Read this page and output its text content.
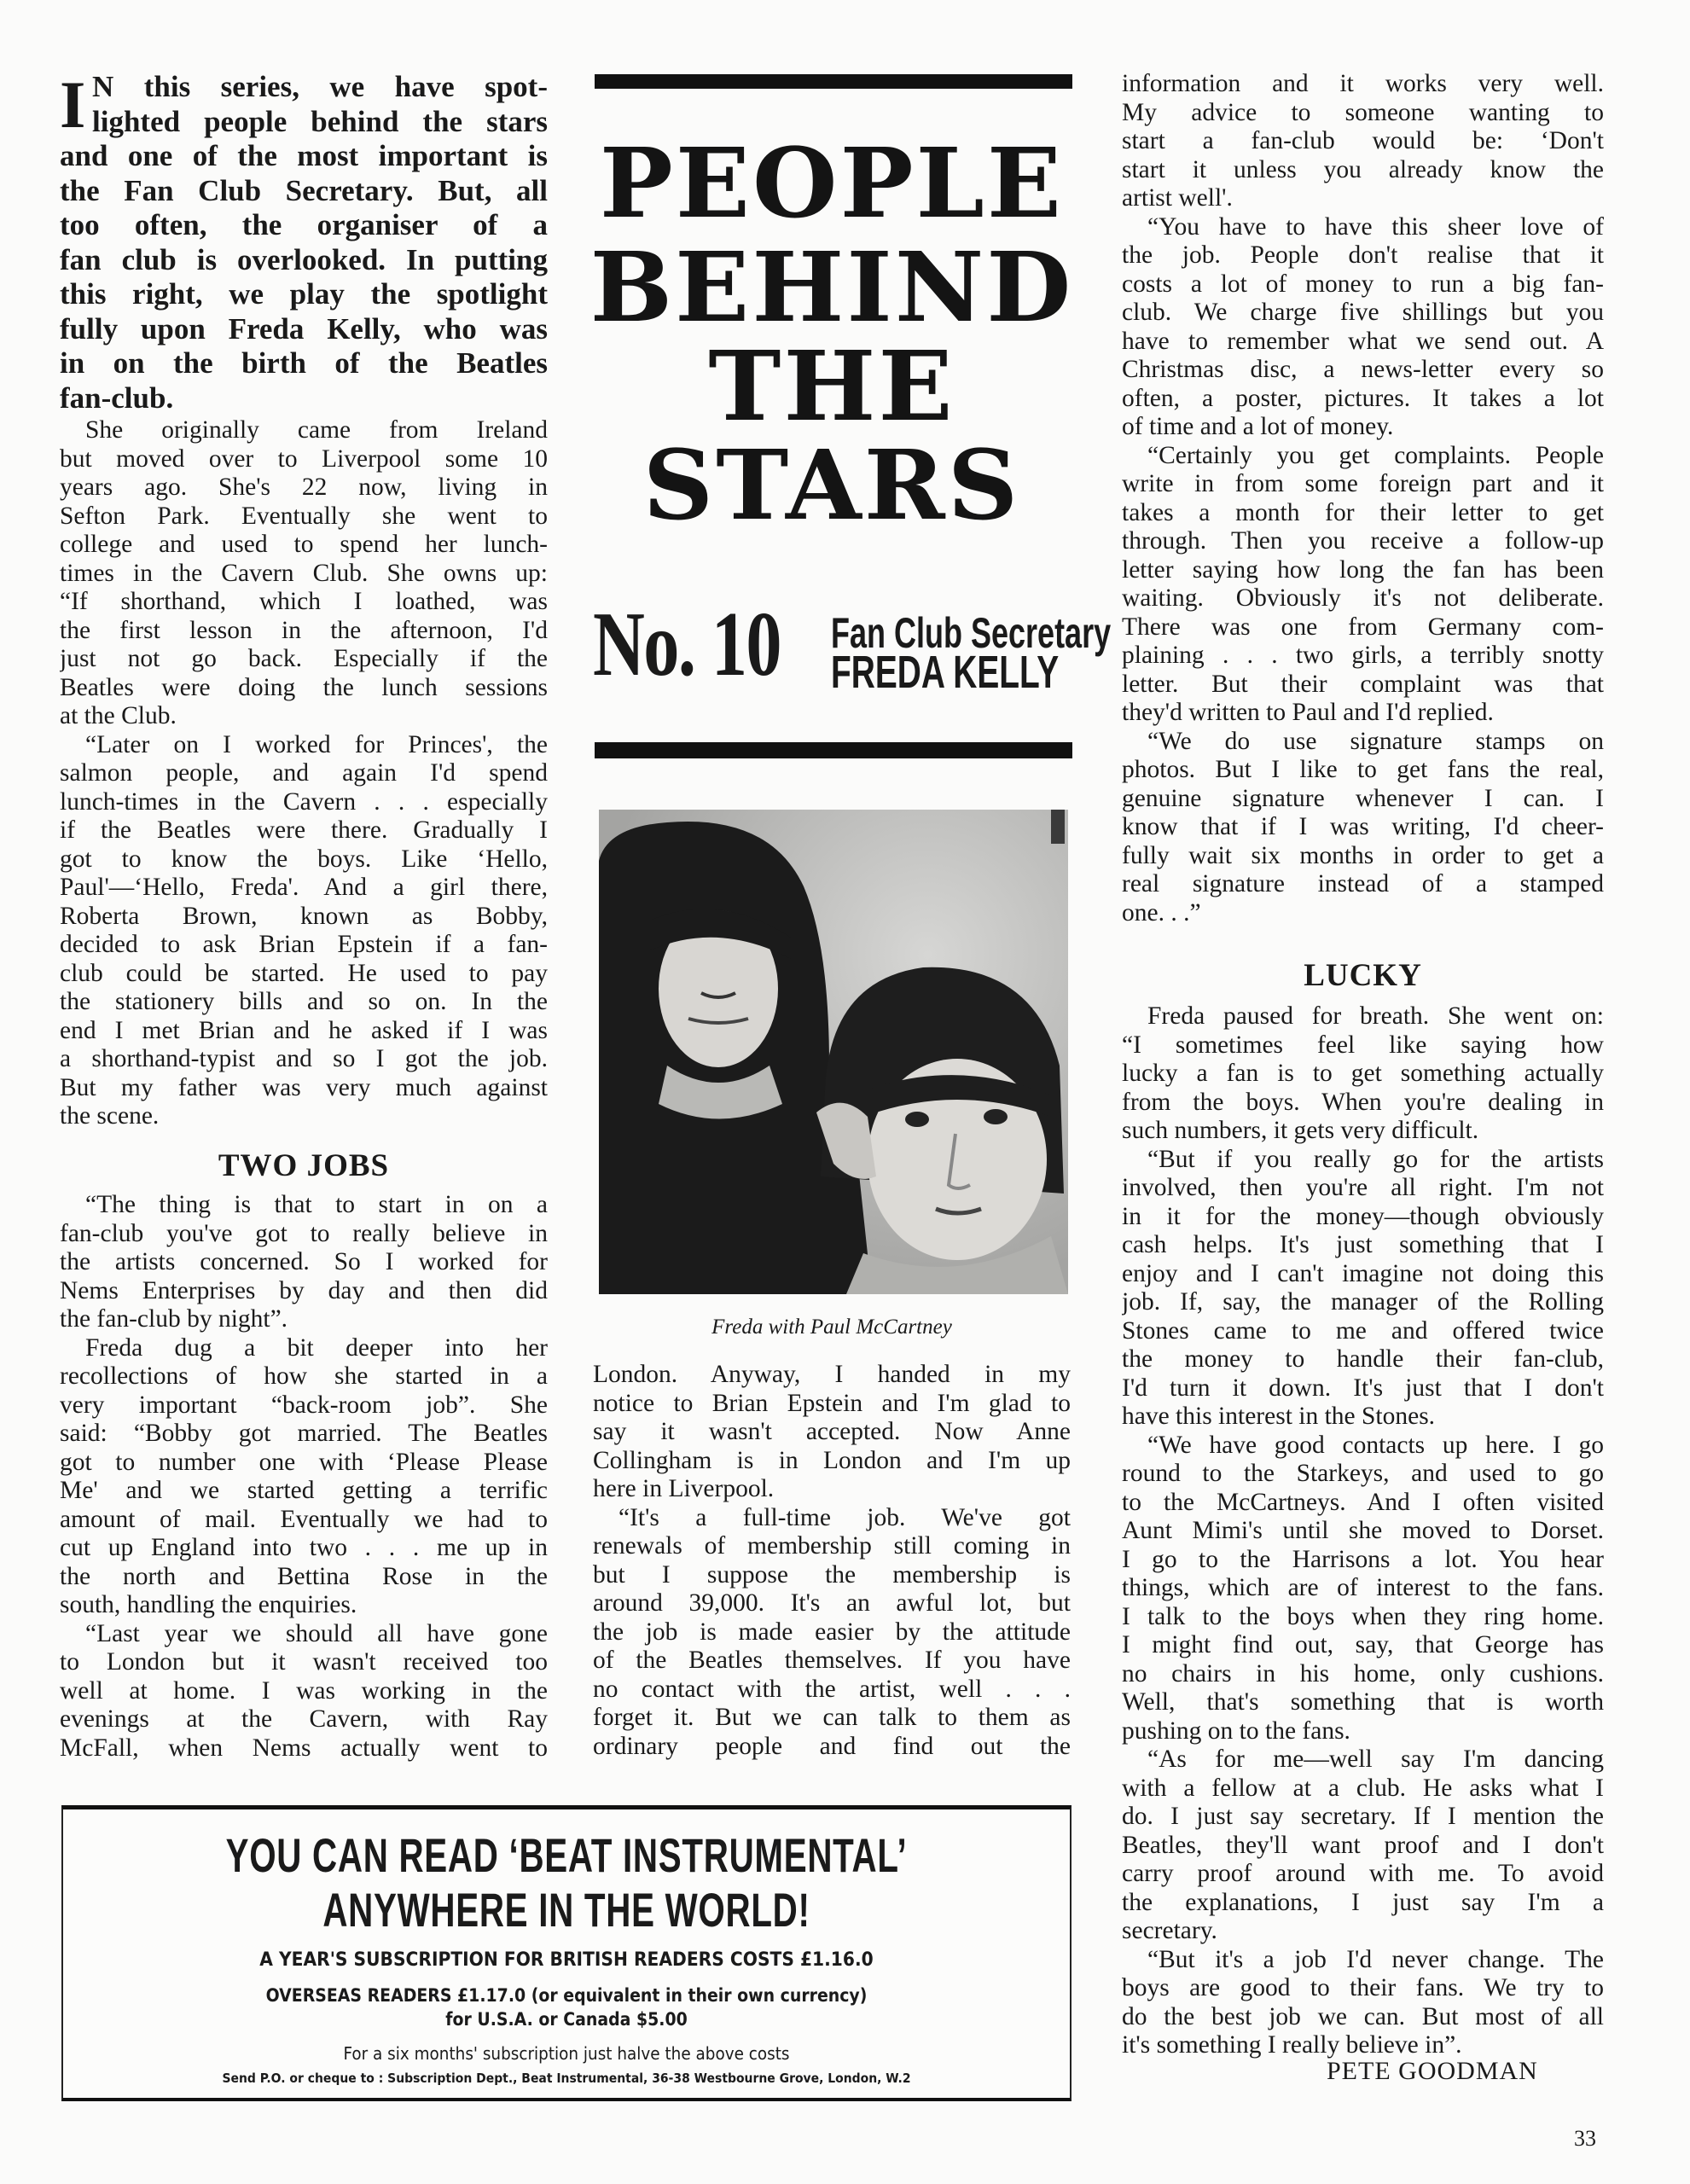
I N this series, we have spot-
lighted people behind the stars
and one of the most important is
the Fan Club Secretary. But, all
too often, the organiser of a
fan club is overlooked. In putting
this right, we play the spotlight
fully upon Freda Kelly, who was
in on the birth of the Beatles
fan-club.
She originally came from Ireland
but moved over to Liverpool some 10
years ago. She's 22 now, living in
Sefton Park. Eventually she went to
college and used to spend her lunch-
times in the Cavern Club. She owns up:
“If shorthand, which I loathed, was
the first lesson in the afternoon, I'd
just not go back. Especially if the
Beatles were doing the lunch sessions
at the Club.
“Later on I worked for Princes', the
salmon people, and again I'd spend
lunch-times in the Cavern . . . especially
if the Beatles were there. Gradually I
got to know the boys. Like ‘Hello,
Paul'—‘Hello, Freda'. And a girl there,
Roberta Brown, known as Bobby,
decided to ask Brian Epstein if a fan-
club could be started. He used to pay
the stationery bills and so on. In the
end I met Brian and he asked if I was
a shorthand-typist and so I got the job.
But my father was very much against
the scene.
TWO JOBS
“The thing is that to start in on a
fan-club you've got to really believe in
the artists concerned. So I worked for
Nems Enterprises by day and then did
the fan-club by night”.
Freda dug a bit deeper into her
recollections of how she started in a
very important “back-room job”. She
said: “Bobby got married. The Beatles
got to number one with ‘Please Please
Me' and we started getting a terrific
amount of mail. Eventually we had to
cut up England into two . . . me up in
the north and Bettina Rose in the
south, handling the enquiries.
“Last year we should all have gone
to London but it wasn't received too
well at home. I was working in the
evenings at the Cavern, with Ray
McFall, when Nems actually went to
PEOPLE
BEHIND
THE
STARS
No. 10 Fan Club Secretary
FREDA KELLY
Freda with Paul McCartney
London. Anyway, I handed in my
notice to Brian Epstein and I'm glad to
say it wasn't accepted. Now Anne
Collingham is in London and I'm up
here in Liverpool.
“It's a full-time job. We've got
renewals of membership still coming in
but I suppose the membership is
around 39,000. It's an awful lot, but
the job is made easier by the attitude
of the Beatles themselves. If you have
no contact with the artist, well . . .
forget it. But we can talk to them as
ordinary people and find out the
information and it works very well.
My advice to someone wanting to
start a fan-club would be: ‘Don't
start it unless you already know the
artist well'.
“You have to have this sheer love of
the job. People don't realise that it
costs a lot of money to run a big fan-
club. We charge five shillings but you
have to remember what we send out. A
Christmas disc, a news-letter every so
often, a poster, pictures. It takes a lot
of time and a lot of money.
“Certainly you get complaints. People
write in from some foreign part and it
takes a month for their letter to get
through. Then you receive a follow-up
letter saying how long the fan has been
waiting. Obviously it's not deliberate.
There was one from Germany com-
plaining . . . two girls, a terribly snotty
letter. But their complaint was that
they'd written to Paul and I'd replied.
“We do use signature stamps on
photos. But I like to get fans the real,
genuine signature whenever I can. I
know that if I was writing, I'd cheer-
fully wait six months in order to get a
real signature instead of a stamped
one. . .”
LUCKY
Freda paused for breath. She went on:
“I sometimes feel like saying how
lucky a fan is to get something actually
from the boys. When you're dealing in
such numbers, it gets very difficult.
“But if you really go for the artists
involved, then you're all right. I'm not
in it for the money—though obviously
cash helps. It's just something that I
enjoy and I can't imagine not doing this
job. If, say, the manager of the Rolling
Stones came to me and offered twice
the money to handle their fan-club,
I'd turn it down. It's just that I don't
have this interest in the Stones.
“We have good contacts up here. I go
round to the Starkeys, and used to go
to the McCartneys. And I often visited
Aunt Mimi's until she moved to Dorset.
I go to the Harrisons a lot. You hear
things, which are of interest to the fans.
I talk to the boys when they ring home.
I might find out, say, that George has
no chairs in his home, only cushions.
Well, that's something that is worth
pushing on to the fans.
“As for me—well say I'm dancing
with a fellow at a club. He asks what I
do. I just say secretary. If I mention the
Beatles, they'll want proof and I don't
carry proof around with me. To avoid
the explanations, I just say I'm a
secretary.
“But it's a job I'd never change. The
boys are good to their fans. We try to
do the best job we can. But most of all
it's something I really believe in”.
PETE GOODMAN
33
YOU CAN READ ‘BEAT INSTRUMENTAL’
ANYWHERE IN THE WORLD!
A YEAR'S SUBSCRIPTION FOR BRITISH READERS COSTS £1.16.0
OVERSEAS READERS £1.17.0 (or equivalent in their own currency)
for U.S.A. or Canada $5.00
For a six months' subscription just halve the above costs
Send P.O. or cheque to : Subscription Dept., Beat Instrumental, 36-38 Westbourne Grove, London, W.2
